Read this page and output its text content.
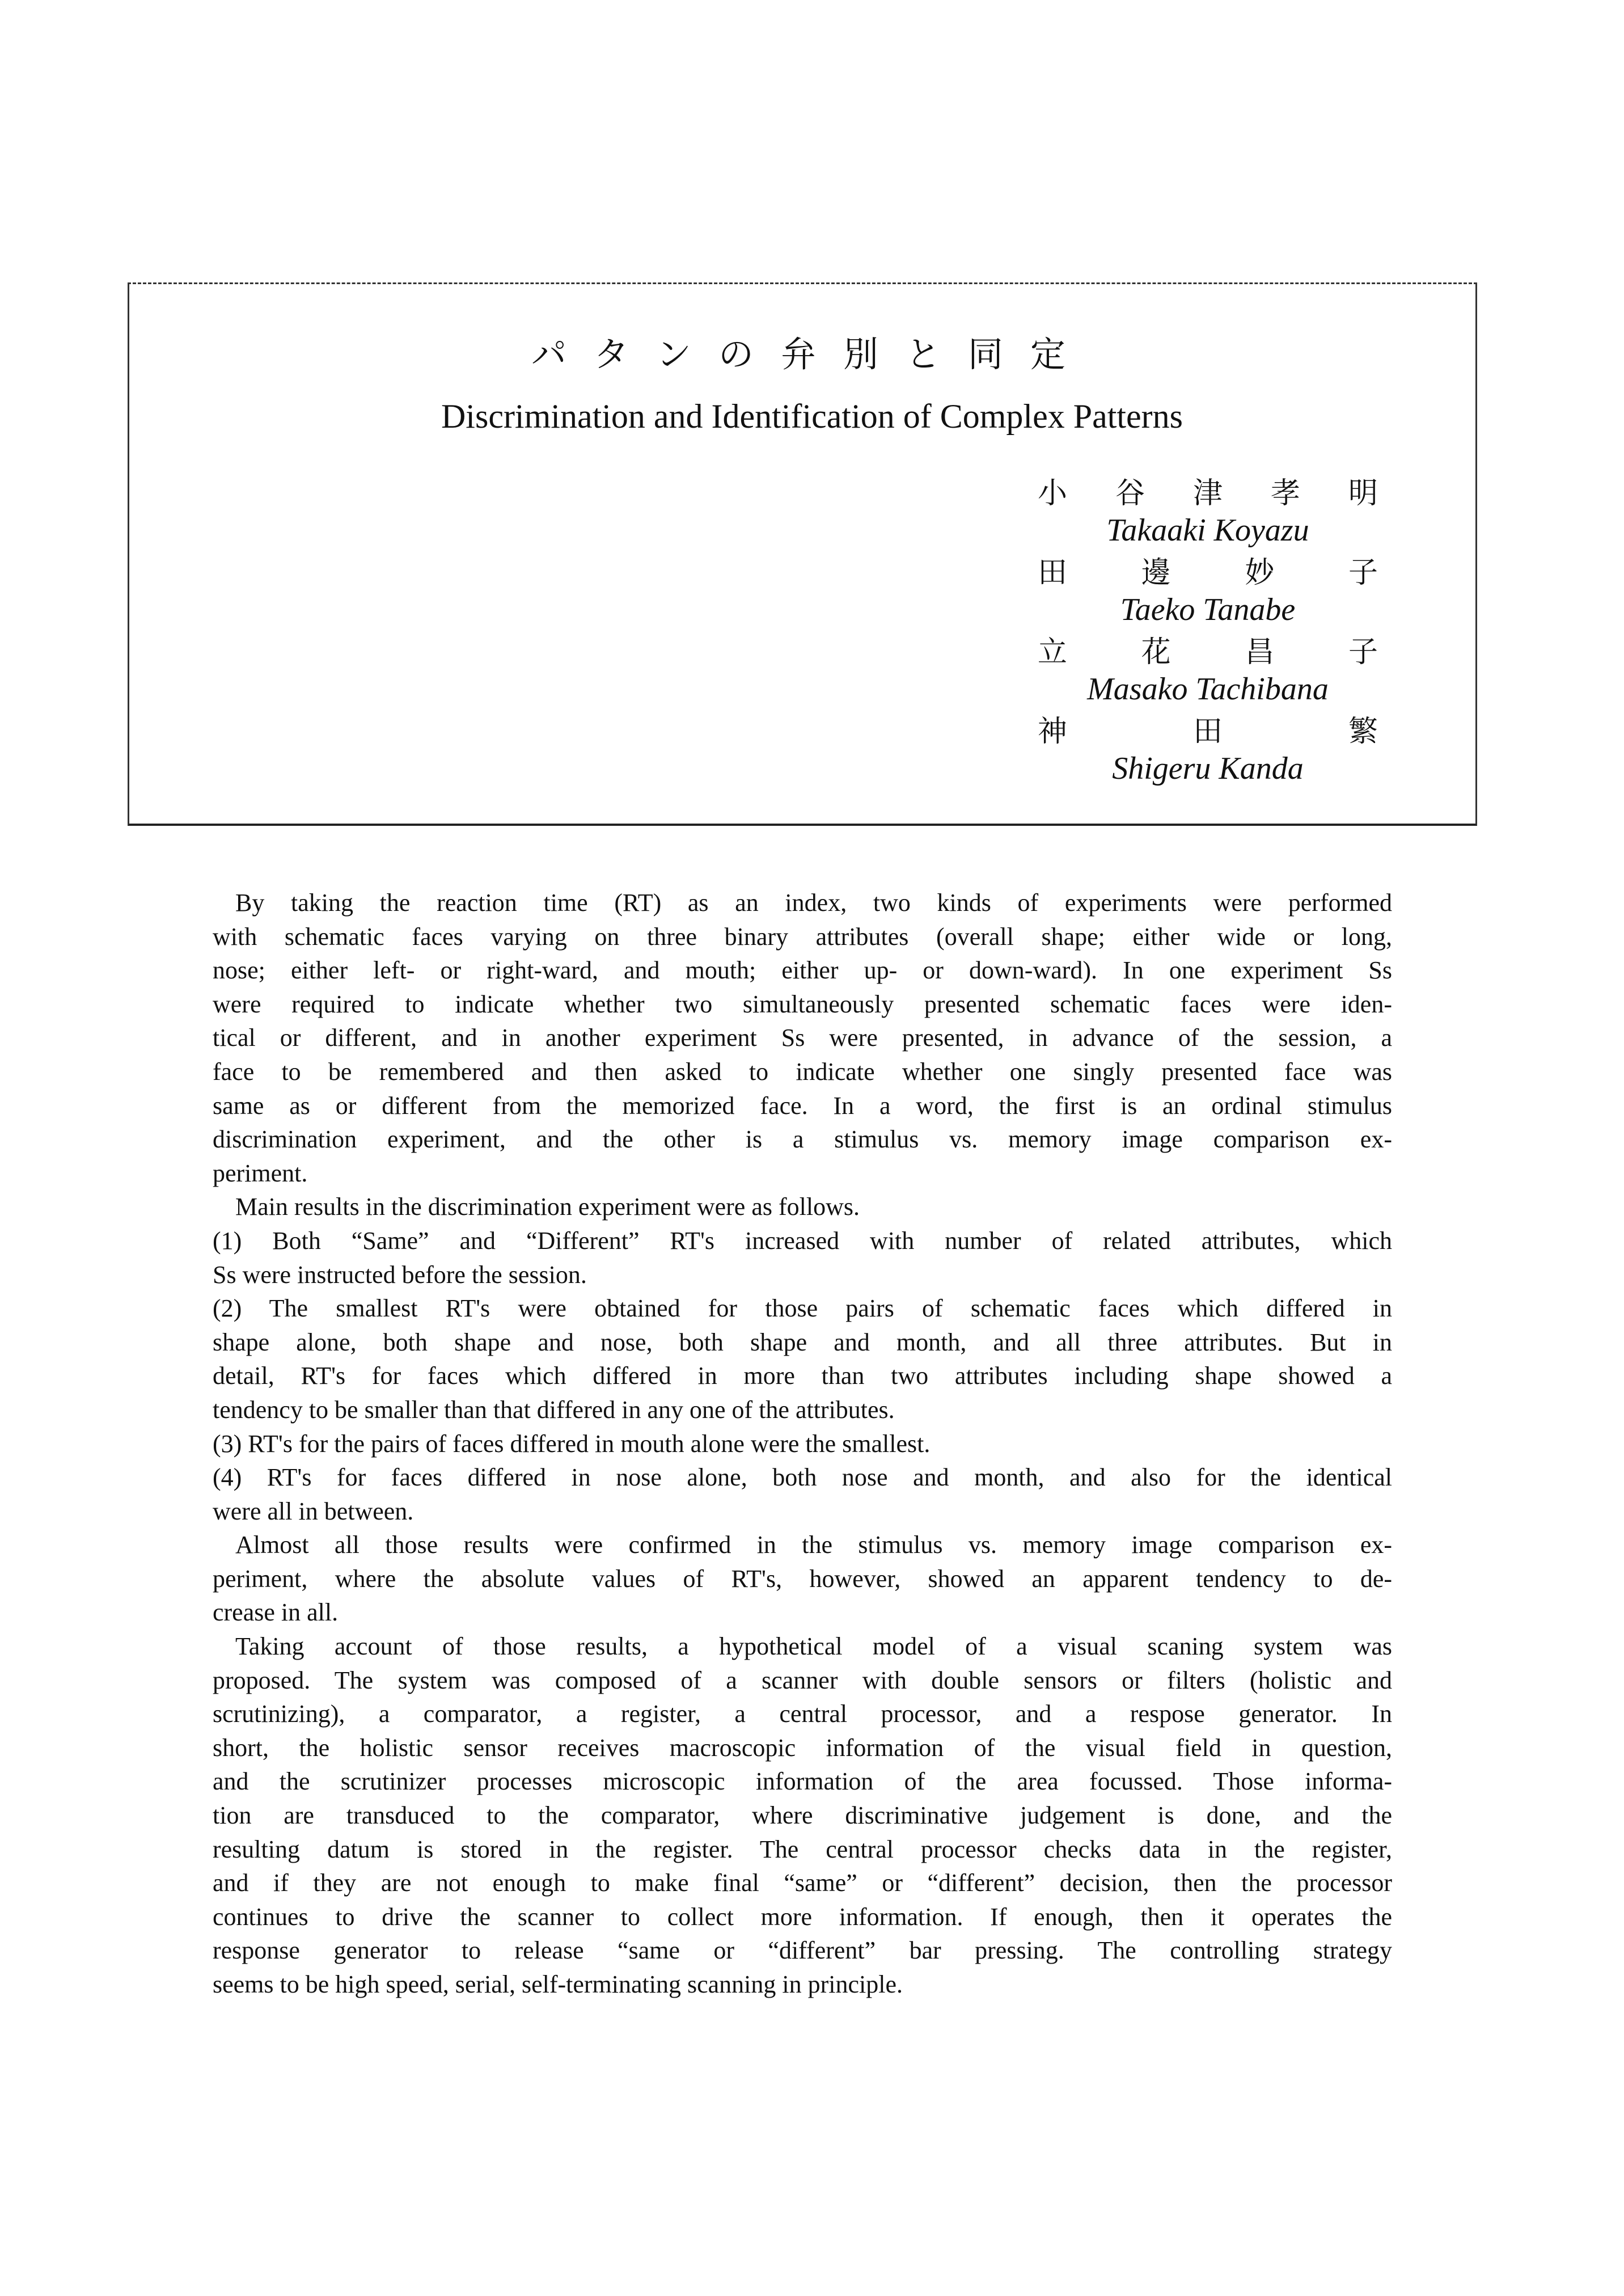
パタンの弁別と同定
Discrimination and Identification of Complex Patterns
小 谷 津 孝 明
Takaaki Koyazu
田	邊	妙	子
Taeko Tanabe
立	花	昌	子
Masako Tachibana
神	田	繁
Shigeru Kanda
By taking the reaction time (RT) as an index, two kinds of experiments were performed
with schematic faces varying on three binary attributes (overall shape; either wide or long,
nose; either left- or right-ward, and mouth; either up- or down-ward). In one experiment Ss
were required to indicate whether two simultaneously presented schematic faces were iden-
tical or different, and in another experiment Ss were presented, in advance of the session, a
face to be remembered and then asked to indicate whether one singly presented face was
same as or different from the memorized face. In a word, the first is an ordinal stimulus
discrimination experiment, and the other is a stimulus vs. memory image comparison ex-
periment.
Main results in the discrimination experiment were as follows.
(1) Both “Same” and “Different” RT's increased with number of related attributes, which
Ss were instructed before the session.
(2) The smallest RT's were obtained for those pairs of schematic faces which differed in
shape alone, both shape and nose, both shape and month, and all three attributes. But in
detail, RT's for faces which differed in more than two attributes including shape showed a
tendency to be smaller than that differed in any one of the attributes.
(3) RT's for the pairs of faces differed in mouth alone were the smallest.
(4) RT's for faces differed in nose alone, both nose and month, and also for the identical
were all in between.
Almost all those results were confirmed in the stimulus vs. memory image comparison ex-
periment, where the absolute values of RT's, however, showed an apparent tendency to de-
crease in all.
Taking account of those results, a hypothetical model of a visual scaning system was
proposed. The system was composed of a scanner with double sensors or filters (holistic and
scrutinizing), a comparator, a register, a central processor, and a respose generator. In
short, the holistic sensor receives macroscopic information of the visual field in question,
and the scrutinizer processes microscopic information of the area focussed. Those informa-
tion are transduced to the comparator, where discriminative judgement is done, and the
resulting datum is stored in the register. The central processor checks data in the register,
and if they are not enough to make final “same” or “different” decision, then the processor
continues to drive the scanner to collect more information. If enough, then it operates the
response generator to release “same or “different” bar pressing. The controlling strategy
seems to be high speed, serial, self-terminating scanning in principle.
